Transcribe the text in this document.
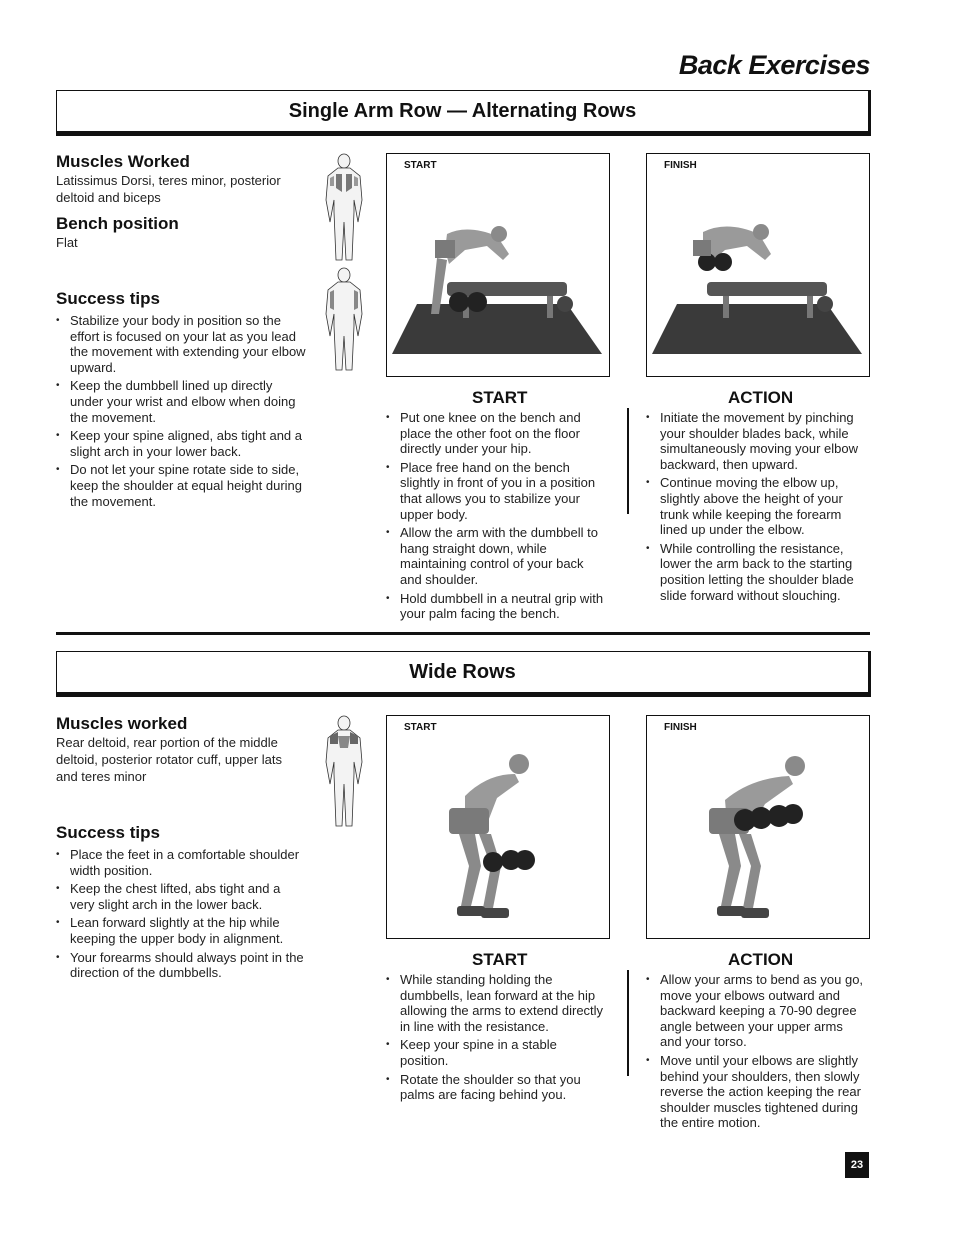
Back Exercises
Single Arm Row — Alternating Rows
Muscles Worked
Latissimus Dorsi, teres minor, posterior deltoid and biceps
Bench position
Flat
Success tips
• Stabilize your body in position so the effort is focused on your lat as you lead the movement with extending your elbow upward.
• Keep the dumbbell lined up directly under your wrist and elbow when doing the movement.
• Keep your spine aligned, abs tight and a slight arch in your lower back.
• Do not let your spine rotate side to side, keep the shoulder at equal height during the movement.
START	FINISH
START
• Put one knee on the bench and place the other foot on the floor directly under your hip.
• Place free hand on the bench slightly in front of you in a position that allows you to stabilize your upper body.
• Allow the arm with the dumbbell to hang straight down, while maintaining control of your back and shoulder.
• Hold dumbbell in a neutral grip with your palm facing the bench.
ACTION
• Initiate the movement by pinching your shoulder blades back, while simultaneously moving your elbow backward, then upward.
• Continue moving the elbow up, slightly above the height of your trunk while keeping the forearm lined up under the elbow.
• While controlling the resistance, lower the arm back to the starting position letting the shoulder blade slide forward without slouching.
Wide Rows
Muscles worked
Rear deltoid, rear portion of the middle deltoid, posterior rotator cuff, upper lats and teres minor
Success tips
• Place the feet in a comfortable shoulder width position.
• Keep the chest lifted, abs tight and a very slight arch in the lower back.
• Lean forward slightly at the hip while keeping the upper body in alignment.
• Your forearms should always point in the direction of the dumbbells.
START	FINISH
START
• While standing holding the dumbbells, lean forward at the hip allowing the arms to extend directly in line with the resistance.
• Keep your spine in a stable position.
• Rotate the shoulder so that you palms are facing behind you.
ACTION
• Allow your arms to bend as you go, move your elbows outward and backward keeping a 70-90 degree angle between your upper arms and your torso.
• Move until your elbows are slightly behind your shoulders, then slowly reverse the action keeping the rear shoulder muscles tightened during the entire motion.
23
